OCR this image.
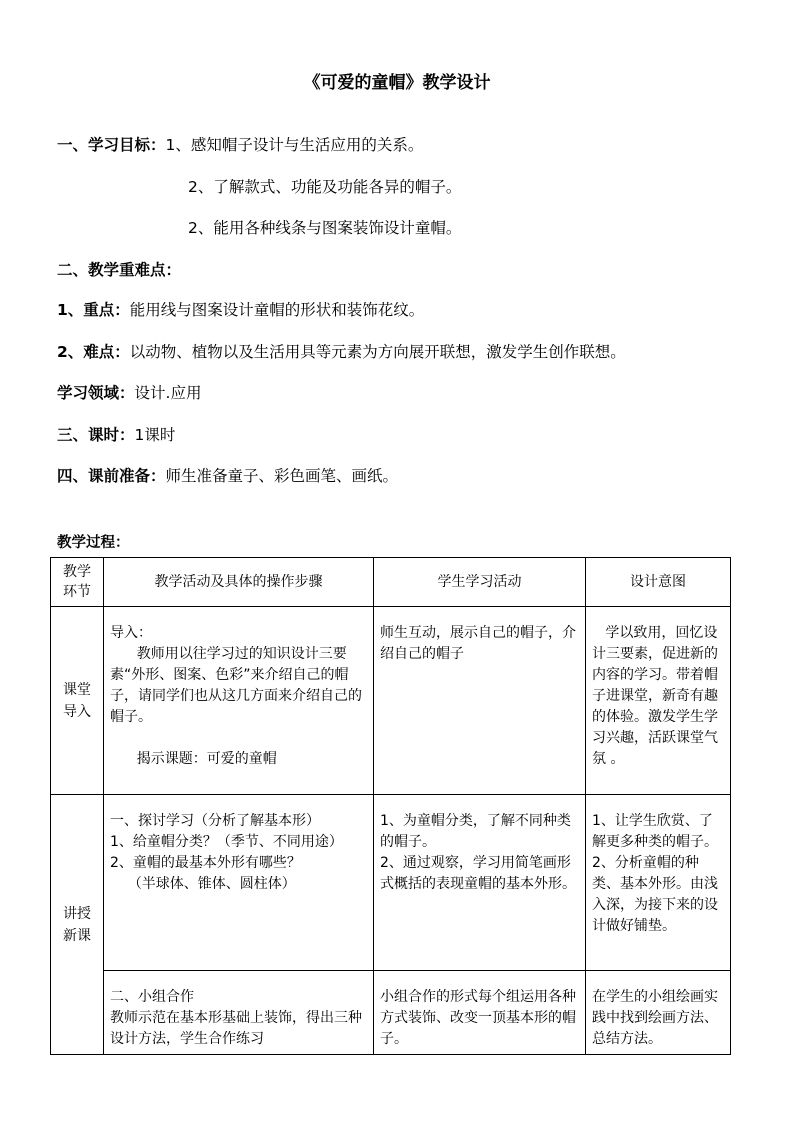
《可爱的童帽》教学设计
一、学习目标：1、感知帽子设计与生活应用的关系。
2、了解款式、功能及功能各异的帽子。
2、能用各种线条与图案装饰设计童帽。
二、教学重难点：
1、重点：能用线与图案设计童帽的形状和装饰花纹。
2、难点：以动物、植物以及生活用具等元素为方向展开联想，激发学生创作联想。
学习领域：设计.应用
三、课时：1课时
四、课前准备：师生准备童子、彩色画笔、画纸。
教学过程：
教学
环节	教学活动及具体的操作步骤	学生学习活动	设计意图
课堂
导入	导入：
教师用以往学习过的知识设计三要素“外形、图案、色彩”来介绍自己的帽子，请同学们也从这几方面来介绍自己的帽子。

揭示课题：可爱的童帽	师生互动，展示自己的帽子，介绍自己的帽子	学以致用，回忆设计三要素，促进新的内容的学习。带着帽子进课堂，新奇有趣的体验。激发学生学习兴趣，活跃课堂气氛 。

讲授
新课	一、探讨学习（分析了解基本形）
1、给童帽分类？（季节、不同用途）
2、童帽的最基本外形有哪些？
（半球体、锥体、圆柱体）	1、为童帽分类，了解不同种类的帽子。
2、通过观察，学习用简笔画形式概括的表现童帽的基本外形。	1、让学生欣赏、了解更多种类的帽子。
2、分析童帽的种类、基本外形。由浅入深，为接下来的设计做好铺垫。

	二、小组合作
教师示范在基本形基础上装饰，得出三种设计方法，学生合作练习	小组合作的形式每个组运用各种方式装饰、改变一顶基本形的帽子。	在学生的小组绘画实践中找到绘画方法、总结方法。
